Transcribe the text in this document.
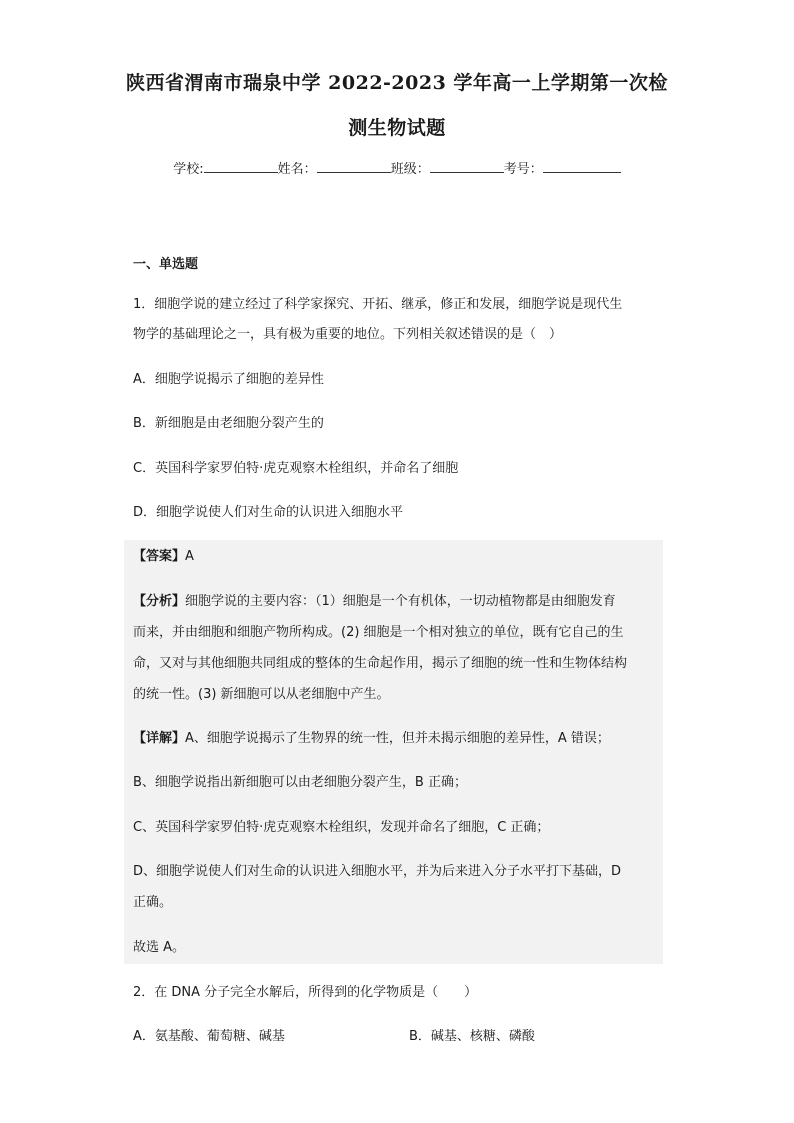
陕西省渭南市瑞泉中学 2022-2023 学年高一上学期第一次检
测生物试题
学校:	姓名：	班级：	考号：
一、单选题

1．细胞学说的建立经过了科学家探究、开拓、继承，修正和发展，细胞学说是现代生

物学的基础理论之一，具有极为重要的地位。下列相关叙述错误的是（　）

A．细胞学说揭示了细胞的差异性

B．新细胞是由老细胞分裂产生的

C．英国科学家罗伯特·虎克观察木栓组织，并命名了细胞

D．细胞学说使人们对生命的认识进入细胞水平

【答案】A

【分析】细胞学说的主要内容：（1）细胞是一个有机体，一切动植物都是由细胞发育

而来，并由细胞和细胞产物所构成。(2) 细胞是一个相对独立的单位，既有它自己的生

命，又对与其他细胞共同组成的整体的生命起作用，揭示了细胞的统一性和生物体结构

的统一性。(3) 新细胞可以从老细胞中产生。

【详解】A、细胞学说揭示了生物界的统一性，但并未揭示细胞的差异性，A 错误；

B、细胞学说指出新细胞可以由老细胞分裂产生，B 正确；

C、英国科学家罗伯特·虎克观察木栓组织，发现并命名了细胞，C 正确；

D、细胞学说使人们对生命的认识进入细胞水平，并为后来进入分子水平打下基础，D

正确。

故选 A。

2．在 DNA 分子完全水解后，所得到的化学物质是（　　）

A．氨基酸、葡萄糖、碱基	B．碱基、核糖、磷酸
